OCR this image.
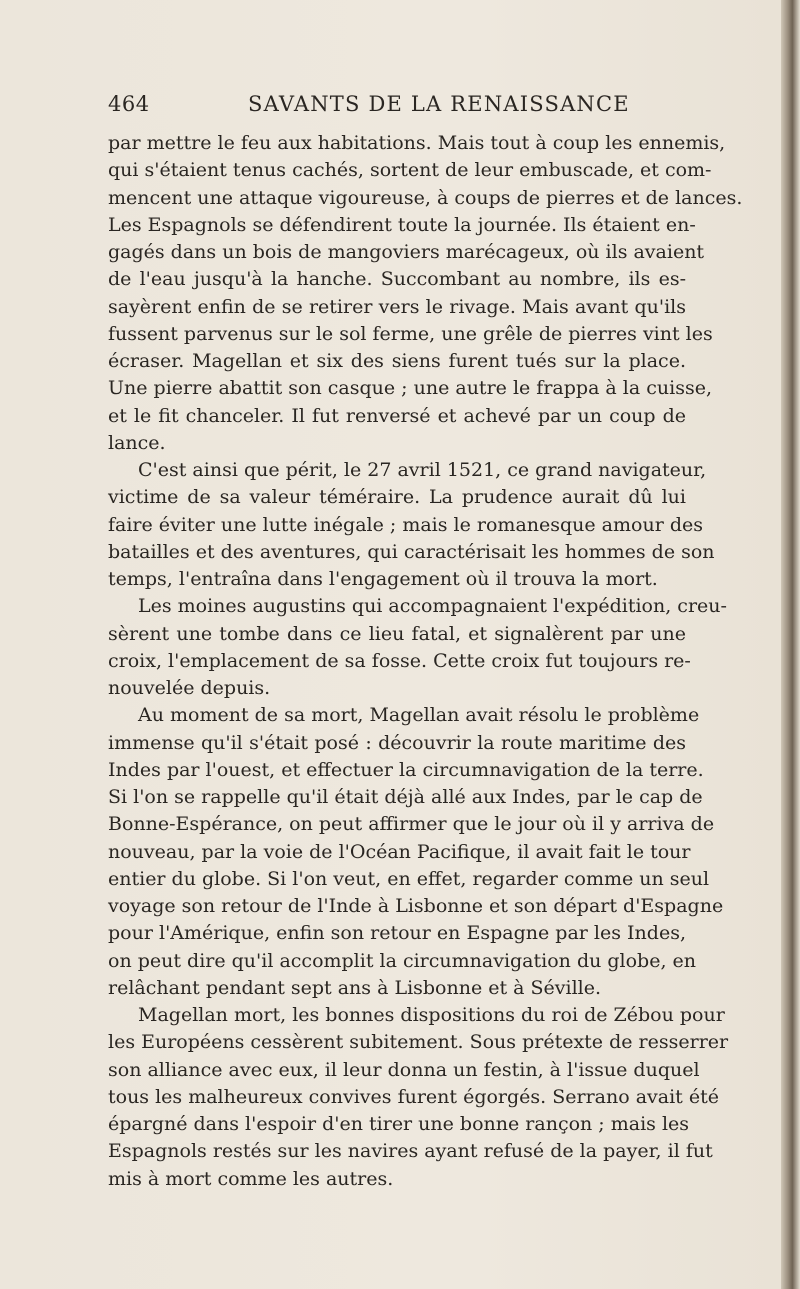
464	SAVANTS DE LA RENAISSANCE
par mettre le feu aux habitations. Mais tout à coup les ennemis,
qui s'étaient tenus cachés, sortent de leur embuscade, et com-
mencent une attaque vigoureuse, à coups de pierres et de lances.
Les Espagnols se défendirent toute la journée. Ils étaient en-
gagés dans un bois de mangoviers marécageux, où ils avaient
de l'eau jusqu'à la hanche. Succombant au nombre, ils es-
sayèrent enfin de se retirer vers le rivage. Mais avant qu'ils
fussent parvenus sur le sol ferme, une grêle de pierres vint les
écraser. Magellan et six des siens furent tués sur la place.
Une pierre abattit son casque ; une autre le frappa à la cuisse,
et le fit chanceler. Il fut renversé et achevé par un coup de
lance.
C'est ainsi que périt, le 27 avril 1521, ce grand navigateur,
victime de sa valeur téméraire. La prudence aurait dû lui
faire éviter une lutte inégale ; mais le romanesque amour des
batailles et des aventures, qui caractérisait les hommes de son
temps, l'entraîna dans l'engagement où il trouva la mort.
Les moines augustins qui accompagnaient l'expédition, creu-
sèrent une tombe dans ce lieu fatal, et signalèrent par une
croix, l'emplacement de sa fosse. Cette croix fut toujours re-
nouvelée depuis.
Au moment de sa mort, Magellan avait résolu le problème
immense qu'il s'était posé : découvrir la route maritime des
Indes par l'ouest, et effectuer la circumnavigation de la terre.
Si l'on se rappelle qu'il était déjà allé aux Indes, par le cap de
Bonne-Espérance, on peut affirmer que le jour où il y arriva de
nouveau, par la voie de l'Océan Pacifique, il avait fait le tour
entier du globe. Si l'on veut, en effet, regarder comme un seul
voyage son retour de l'Inde à Lisbonne et son départ d'Espagne
pour l'Amérique, enfin son retour en Espagne par les Indes,
on peut dire qu'il accomplit la circumnavigation du globe, en
relâchant pendant sept ans à Lisbonne et à Séville.
Magellan mort, les bonnes dispositions du roi de Zébou pour
les Européens cessèrent subitement. Sous prétexte de resserrer
son alliance avec eux, il leur donna un festin, à l'issue duquel
tous les malheureux convives furent égorgés. Serrano avait été
épargné dans l'espoir d'en tirer une bonne rançon ; mais les
Espagnols restés sur les navires ayant refusé de la payer, il fut
mis à mort comme les autres.
